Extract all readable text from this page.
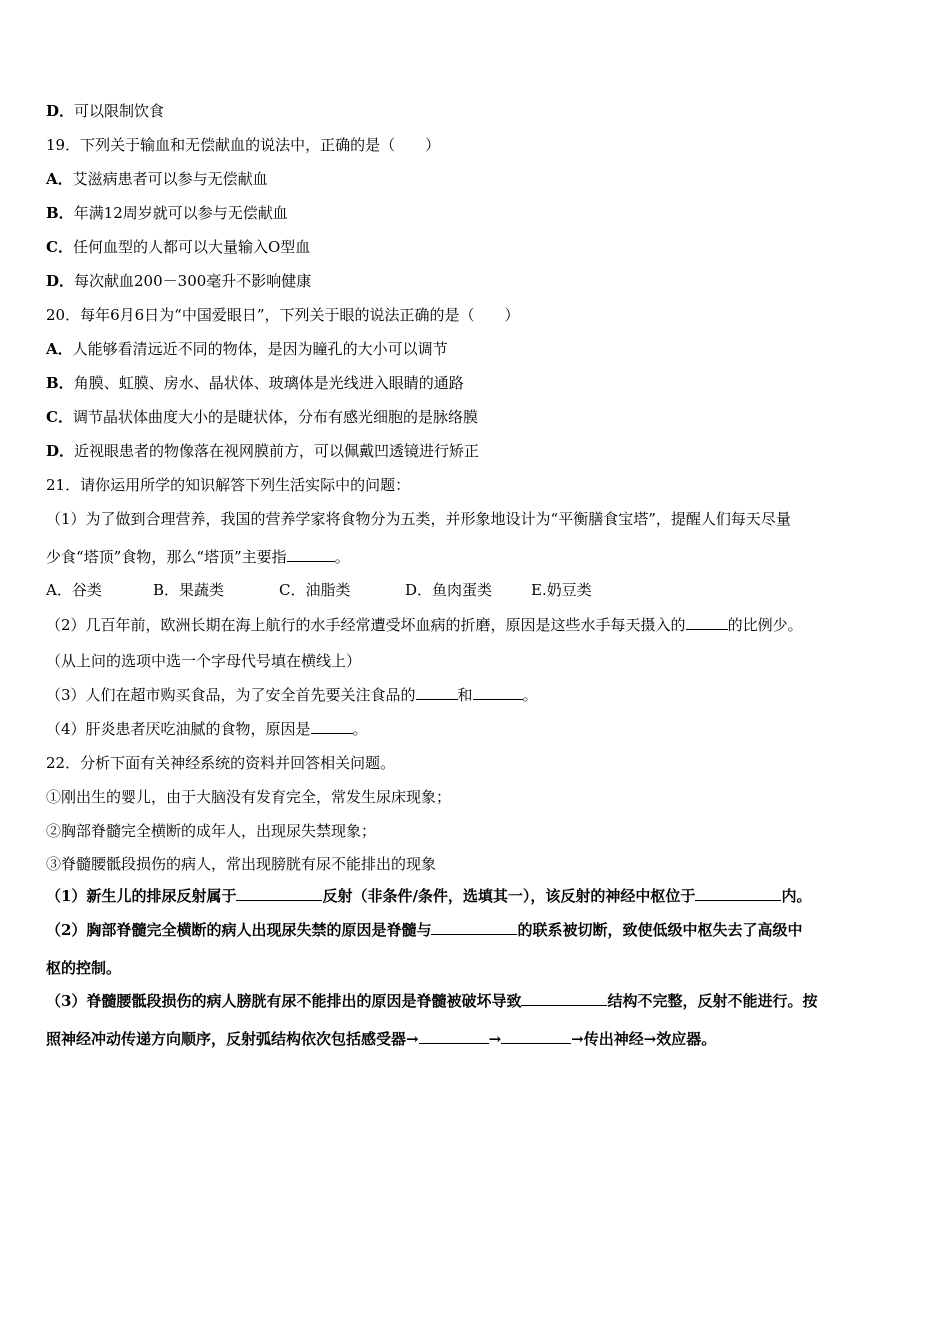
D．可以限制饮食
19．下列关于输血和无偿献血的说法中，正确的是（　　）
A．艾滋病患者可以参与无偿献血
B．年满12周岁就可以参与无偿献血
C．任何血型的人都可以大量输入O型血
D．每次献血200－300毫升不影响健康
20．每年6月6日为“中国爱眼日”，下列关于眼的说法正确的是（　　）
A．人能够看清远近不同的物体，是因为瞳孔的大小可以调节
B．角膜、虹膜、房水、晶状体、玻璃体是光线进入眼睛的通路
C．调节晶状体曲度大小的是睫状体，分布有感光细胞的是脉络膜
D．近视眼患者的物像落在视网膜前方，可以佩戴凹透镜进行矫正
21．请你运用所学的知识解答下列生活实际中的问题：
（1）为了做到合理营养，我国的营养学家将食物分为五类，并形象地设计为“平衡膳食宝塔”，提醒人们每天尽量
少食“塔顶”食物，那么“塔顶”主要指	。
A．谷类	B．果蔬类	C．油脂类	D．鱼肉蛋类	E.奶豆类
（2）几百年前，欧洲长期在海上航行的水手经常遭受坏血病的折磨，原因是这些水手每天摄入的	的比例少。
（从上问的选项中选一个字母代号填在横线上）
（3）人们在超市购买食品，为了安全首先要关注食品的	和	。
（4）肝炎患者厌吃油腻的食物，原因是	。
22．分析下面有关神经系统的资料并回答相关问题。
①刚出生的婴儿，由于大脑没有发育完全，常发生尿床现象；
②胸部脊髓完全横断的成年人，出现尿失禁现象；
③脊髓腰骶段损伤的病人，常出现膀胱有尿不能排出的现象
（1）新生儿的排尿反射属于	反射（非条件/条件，选填其一），该反射的神经中枢位于	内。
（2）胸部脊髓完全横断的病人出现尿失禁的原因是脊髓与	的联系被切断，致使低级中枢失去了高级中
枢的控制。
（3）脊髓腰骶段损伤的病人膀胱有尿不能排出的原因是脊髓被破坏导致	结构不完整，反射不能进行。按
照神经冲动传递方向顺序，反射弧结构依次包括感受器→	→	→传出神经→效应器。
